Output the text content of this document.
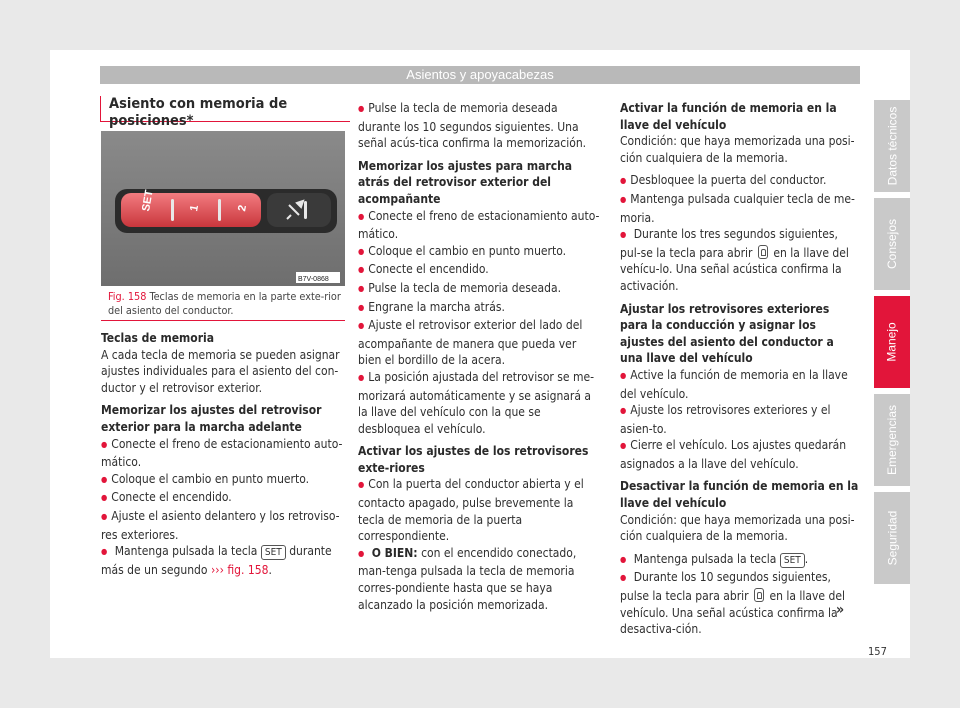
Asientos y apoyacabezas
Asiento con memoria de posiciones*
SET	1	2
B7V-0868
Fig. 158 Teclas de memoria en la parte exte-rior del asiento del conductor.

Teclas de memoria

A cada tecla de memoria se pueden asignar ajustes individuales para el asiento del con-ductor y el retrovisor exterior.

Memorizar los ajustes del retrovisor exterior para la marcha adelante

● Conecte el freno de estacionamiento auto-mático.

● Coloque el cambio en punto muerto.

● Conecte el encendido.

● Ajuste el asiento delantero y los retroviso-res exteriores.

● Mantenga pulsada la tecla SET durante más de un segundo ››› fig. 158.

● Pulse la tecla de memoria deseada durante los 10 segundos siguientes. Una señal acús-tica confirma la memorización.

Memorizar los ajustes para marcha atrás del retrovisor exterior del acompañante

● Conecte el freno de estacionamiento auto-mático.

● Coloque el cambio en punto muerto.

● Conecte el encendido.

● Pulse la tecla de memoria deseada.

● Engrane la marcha atrás.

● Ajuste el retrovisor exterior del lado del acompañante de manera que pueda ver bien el bordillo de la acera.

● La posición ajustada del retrovisor se me-morizará automáticamente y se asignará a la llave del vehículo con la que se desbloquea el vehículo.

Activar los ajustes de los retrovisores exte-riores

● Con la puerta del conductor abierta y el contacto apagado, pulse brevemente la tecla de memoria de la puerta correspondiente.

● O BIEN: con el encendido conectado, man-tenga pulsada la tecla de memoria corres-pondiente hasta que se haya alcanzado la posición memorizada.

Activar la función de memoria en la llave del vehículo

Condición: que haya memorizada una posi-ción cualquiera de la memoria.

● Desbloquee la puerta del conductor.

● Mantenga pulsada cualquier tecla de me-moria.

● Durante los tres segundos siguientes, pul-se la tecla para abrir en la llave del vehícu-lo. Una señal acústica confirma la activación.

Ajustar los retrovisores exteriores para la conducción y asignar los ajustes del asiento del conductor a una llave del vehículo

● Active la función de memoria en la llave del vehículo.

● Ajuste los retrovisores exteriores y el asien-to.

● Cierre el vehículo. Los ajustes quedarán asignados a la llave del vehículo.

Desactivar la función de memoria en la llave del vehículo

Condición: que haya memorizada una posi-ción cualquiera de la memoria.

● Mantenga pulsada la tecla SET .

● Durante los 10 segundos siguientes, pulse la tecla para abrir en la llave del vehículo. Una señal acústica confirma la desactiva-ción.

»
Datos técnicos
Consejos
Manejo
Emergencias
Seguridad
157
